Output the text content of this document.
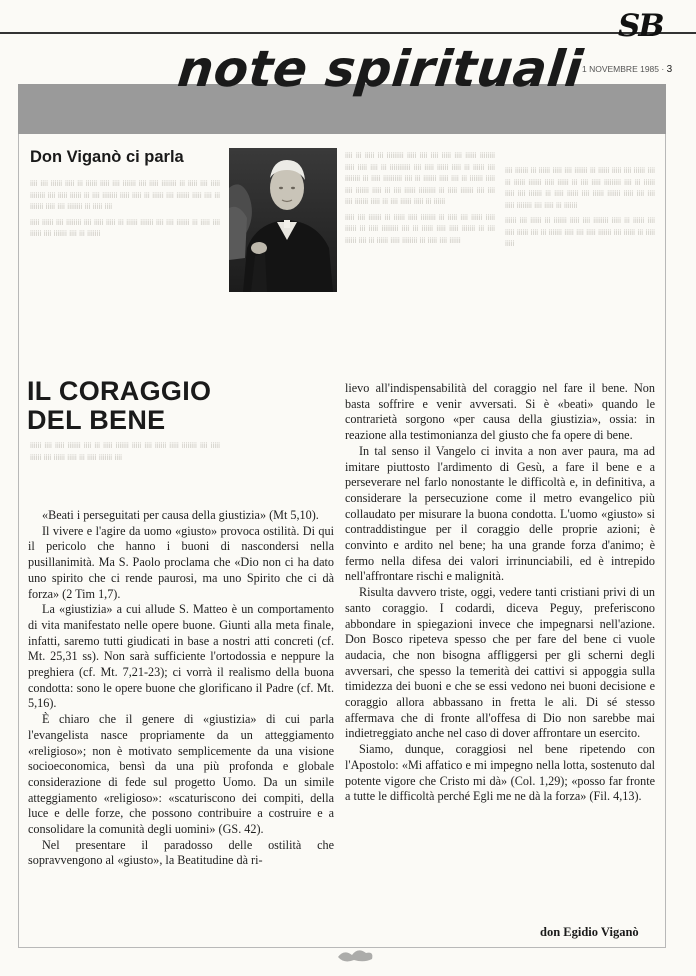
SB
note spirituali
1 NOVEMBRE 1985 · 3

iiii iii iiiii iii iiiiiiiii iiiii iiii iiii iiiii iiii iiiiii iiiiiiii iiiii iiiii iiii iii iiiiiiiiiii iiii iiiii iiiiii iiiii iii iiiiii iiii iiiiiiii iii iiiii iiiiiiiiii iiii iii iiiiiii iiiii iiii iii iiiiiii iiiii iiii iiiiiii iiiii iii iiii iiiiii iiiiiiiii iii iiiii iiiiiii iiii iiii iiii iiiiiii iiiii iii iiii iiiiii iiiii iii iiiiii

iiiii iiii iiiiiii iii iiiiii iiiii iiiiiiii iii iiiii iiii iiiiii iiiii iiiiii iii iiiii iiiiiiiii iiii iii iiiiii iiiii iiiii iiiiiii iii iiii iiiiii iiii iii iiiiii iiiii iiiiiiii iii iiiii iiii iiiiii

iiii iiiiiii iii iiiiii iiiii iiii iiiiiii iii iiiiii iiiii iiii iiiiii iiii iii iiiiii iiiiiii iiiii iiiiii iii iiii iiiii iiiiiiiii iiii iii iiiiii iiiii iiii iiiiiii iii iiiii iiiiii iiii iiiiii iiiiiii iiiii iiii iiii iiiii iiiiiiii iiii iiiii iii iiiiiii

iiiiii iiii iiiiii iii iiiiiii iiiii iiii iiiiiiii iiiii iii iiiiii iiii iiiii iiiiii iiii iii iiiiiii iiiii iiii iiiii iiiiiii iiii iiiiii iii iiiii iiiii

iiii iiii iiiiii iiiii iii iiiiii iiiii iiii iiiiiii iiii iiiii iiiiiiii iii iiiii iiii iiiii iiiiiiii iiii iiiii iiiiii iii iiii iiiiiiii iiiii iiiii iii iiiiii iiii iiiiiii iiiii iiii iii iiiiiii iiiii iiii iiiiiiii iii iiiii iiii

iiiii iiiiii iiii iiiiiiii iiii iiiii iiiii iii iiiiii iiiiiii iiii iiii iiiiiii iii iiiii iiii iiiiii iiii iiiiiii iiii iii iiiiiii

iiiiii iiii iiiii iiiiiii iiii iii iiiii iiiiiii iiiii iiii iiiiii iiiii iiiiiiii iiii iiiii iiiiii iiii iiiiii iiiii iii iiiii iiiiiii iiii

Don Viganò ci parla
IL CORAGGIO
DEL BENE

«Beati i perseguitati per causa della giustizia» (Mt 5,10).

Il vivere e l'agire da uomo «giusto» provoca ostilità. Di qui il pericolo che hanno i buoni di nascondersi nella pusillanimità. Ma S. Paolo proclama che «Dio non ci ha dato uno spirito che ci rende paurosi, ma uno Spirito che ci dà forza» (2 Tim 1,7).

La «giustizia» a cui allude S. Matteo è un comportamento di vita manifestato nelle opere buone. Giunti alla meta finale, infatti, saremo tutti giudicati in base a nostri atti concreti (cf. Mt. 25,31 ss). Non sarà sufficiente l'ortodossia e neppure la preghiera (cf. Mt. 7,21-23); ci vorrà il realismo della buona condotta: sono le opere buone che glorificano il Padre (cf. Mt. 5,16).

È chiaro che il genere di «giustizia» di cui parla l'evangelista nasce propriamente da un atteggiamento «religioso»; non è motivato semplicemente da una visione socioeconomica, bensì da una più profonda e globale considerazione di fede sul progetto Uomo. Da un simile atteggiamento «religioso»: «scaturiscono dei compiti, della luce e delle forze, che possono contribuire a costruire e a consolidare la comunità degli uomini» (GS. 42).

Nel presentare il paradosso delle ostilità che sopravvengono al «giusto», la Beatitudine dà ri-

lievo all'indispensabilità del coraggio nel fare il bene. Non basta soffrire e venir avversati. Si è «beati» quando le contrarietà sorgono «per causa della giustizia», ossia: in reazione alla testimonianza del giusto che fa opere di bene.

In tal senso il Vangelo ci invita a non aver paura, ma ad imitare piuttosto l'ardimento di Gesù, a fare il bene e a perseverare nel farlo nonostante le difficoltà e, in definitiva, a considerare la persecuzione come il metro evangelico più collaudato per misurare la buona condotta. L'uomo «giusto» si contraddistingue per il coraggio delle proprie azioni; è convinto e ardito nel bene; ha una grande forza d'animo; è fermo nella difesa dei valori irrinunciabili, ed è intrepido nell'affrontare rischi e malignità.

Risulta davvero triste, oggi, vedere tanti cristiani privi di un santo coraggio. I codardi, diceva Peguy, preferiscono abbondare in spiegazioni invece che impegnarsi nell'azione. Don Bosco ripeteva spesso che per fare del bene ci vuole audacia, che non bisogna affliggersi per gli scherni degli avversari, che spesso la temerità dei cattivi si appoggia sulla timidezza dei buoni e che se essi vedono nei buoni decisione e coraggio allora abbassano in fretta le ali. Di sé stesso affermava che di fronte all'offesa di Dio non sarebbe mai indietreggiato anche nel caso di dover affrontare un esercito.

Siamo, dunque, coraggiosi nel bene ripetendo con l'Apostolo: «Mi affatico e mi impegno nella lotta, sostenuto dal potente vigore che Cristo mi dà» (Col. 1,29); «posso far fronte a tutte le difficoltà perché Egli me ne dà la forza» (Fil. 4,13).

don Egidio Viganò
